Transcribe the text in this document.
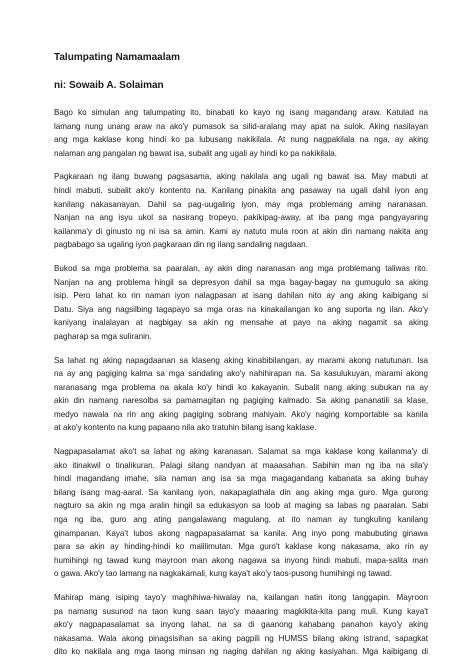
Talumpating Namamaalam
ni: Sowaib A. Solaiman
Bago ko simulan ang talumpating ito, binabati ko kayo ng isang magandang araw. Katulad na
lamang nung unang araw na ako'y pumasok sa silid-aralang may apat na sulok. Aking nasilayan
ang mga kaklase kong hindi ko pa lubusang nakikilala. At nung nagpakilala na nga, ay aking
nalaman ang pangalan ng bawat isa, subalit ang ugali ay hindi ko pa nakikilala.
Pagkaraan ng ilang buwang pagsasama, aking nakilala ang ugali ng bawat isa. May mabuti at
hindi mabuti, subalit ako'y kontento na. Kanilang pinakita ang pasaway na ugali dahil iyon ang
kanilang nakasanayan. Dahil sa pag-uugaling iyon, may mga problemang aming naranasan.
Nanjan na ang isyu ukol sa nasirang tropeyo, pakikipag-away, at iba pang mga pangyayaring
kailanma'y di ginusto ng ni isa sa amin. Kami ay natuto mula roon at akin din namang nakita ang
pagbabago sa ugaling iyon pagkaraan din ng ilang sandaling nagdaan.
Bukod sa mga problema sa paaralan, ay akin ding naranasan ang mga problemang taliwas rito.
Nanjan na ang problema hingil sa depresyon dahil sa mga bagay-bagay na gumugulo sa aking
isip. Pero lahat ko rin naman iyon nalagpasan at isang dahilan nito ay ang aking kaibigang si
Datu. Siya ang nagsilbing tagapayo sa mga oras na kinakailangan ko ang suporta ng ilan. Ako'y
kaniyang inalalayan at nagbigay sa akin ng mensahe at payo na aking nagamit sa aking
pagharap sa mga suliranin.
Sa lahat ng aking napagdaanan sa klaseng aking kinabibilangan, ay marami akong natutunan. Isa
na ay ang pagiging kalma sa mga sandaling ako'y nahihirapan na. Sa kasulukuyan, marami akong
naranasang mga problema na akala ko'y hindi ko kakayanin. Subalit nang aking subukan na ay
akin din namang naresolba sa pamamagitan ng pagiging kalmado. Sa aking pananatili sa klase,
medyo nawala na rin ang aking pagiging sobrang mahiyain. Ako'y naging komportable sa kanila
at ako'y kontento na kung papaano nila ako tratuhin bilang isang kaklase.
Nagpapasalamat ako't sa lahat ng aking karanasan. Salamat sa mga kaklase kong kailanma'y di
ako itinakwil o tinalikuran. Palagi silang nandyan at maaasahan. Sabihin man ng iba na sila'y
hindi magandang imahe, sila naman ang isa sa mga magagandang kabanata sa aking buhay
bilang isang mag-aaral. Sa kanilang iyon, nakapaglathala din ang aking mga guro. Mga gurong
nagturo sa akin ng mga aralin hingil sa edukasyon sa loob at maging sa labas ng paaralan. Sabi
nga ng iba, guro ang ating pangalawang magulang, at ito naman ay tungkuling kanilang
ginampanan. Kaya't lubos akong nagpapasalamat sa kanila. Ang inyo pong mabubuting ginawa
para sa akin ay hinding-hindi ko malilimutan. Mga guro't kaklase kong nakasama, ako rin ay
humihingi ng tawad kung mayroon man akong nagawa sa inyong hindi mabuti, mapa-salita man
o gawa. Ako'y tao lamang na nagkakamali, kung kaya't ako'y taos-pusong humihingi ng tawad.
Mahirap mang isiping tayo'y maghihiwa-hiwalay na, kailangan natin itong tanggapin. Mayroon
pa namang susunod na taon kung saan tayo'y maaaring magkikita-kita pang muli. Kung kaya't
ako'y nagpapasalamat sa inyong lahat, na sa di gaanong kahabang panahon kayo'y aking
nakasama. Wala akong pinagsisihan sa aking pagpili ng HUMSS bilang aking istrand, sapagkat
dito ko nakilala ang mga taong minsan ng naging dahilan ng aking kasiyahan. Mga kaibigang di
